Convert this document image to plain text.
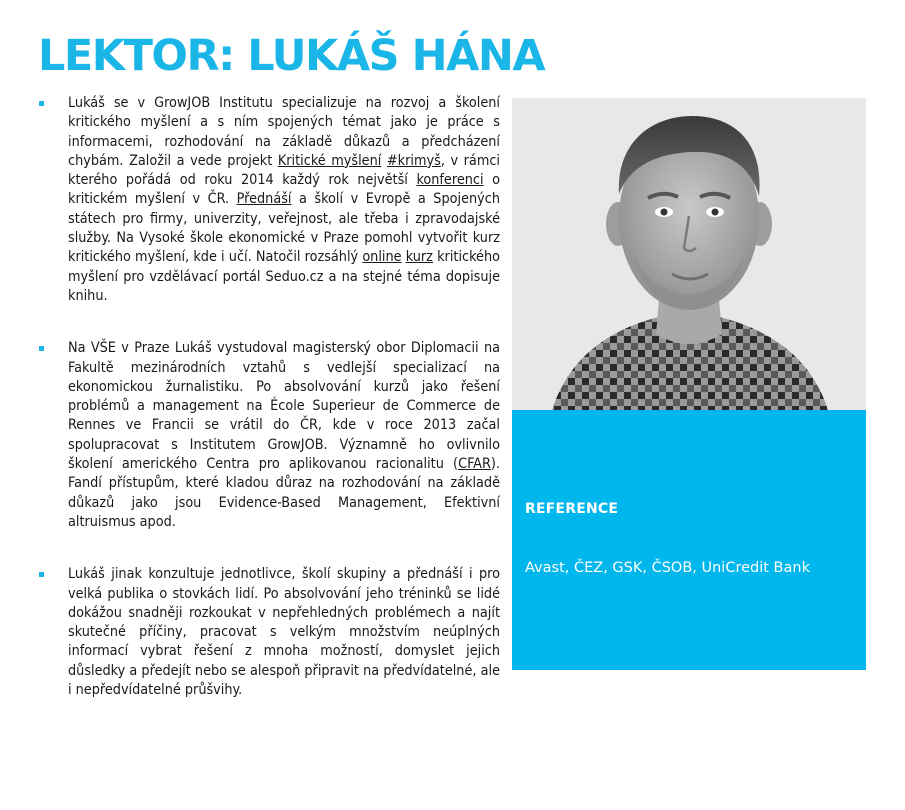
LEKTOR: LUKÁŠ HÁNA
Lukáš se v GrowJOB Institutu specializuje na rozvoj a školení kritického myšlení a s ním spojených témat jako je práce s informacemi, rozhodování na základě důkazů a předcházení chybám. Založil a vede projekt Kritické myšlení #krimyš, v rámci kterého pořádá od roku 2014 každý rok největší konferenci o kritickém myšlení v ČR. Přednáší a školí v Evropě a Spojených státech pro firmy, univerzity, veřejnost, ale třeba i zpravodajské služby. Na Vysoké škole ekonomické v Praze pomohl vytvořit kurz kritického myšlení, kde i učí. Natočil rozsáhlý online kurz kritického myšlení pro vzdělávací portál Seduo.cz a na stejné téma dopisuje knihu.
Na VŠE v Praze Lukáš vystudoval magisterský obor Diplomacii na Fakultě mezinárodních vztahů s vedlejší specializací na ekonomickou žurnalistiku. Po absolvování kurzů jako řešení problémů a management na École Superieur de Commerce de Rennes ve Francii se vrátil do ČR, kde v roce 2013 začal spolupracovat s Institutem GrowJOB. Významně ho ovlivnilo školení amerického Centra pro aplikovanou racionalitu (CFAR). Fandí přístupům, které kladou důraz na rozhodování na základě důkazů jako jsou Evidence-Based Management, Efektivní altruismus apod.
Lukáš jinak konzultuje jednotlivce, školí skupiny a přednáší i pro velká publika o stovkách lidí. Po absolvování jeho tréninků se lidé dokážou snadněji rozkoukat v nepřehledných problémech a najít skutečné příčiny, pracovat s velkým množstvím neúplných informací vybrat řešení z mnoha možností, domyslet jejich důsledky a předejít nebo se alespoň připravit na předvídatelné, ale i nepředvídatelné průšvihy.
REFERENCE
Avast, ČEZ, GSK, ČSOB, UniCredit Bank
